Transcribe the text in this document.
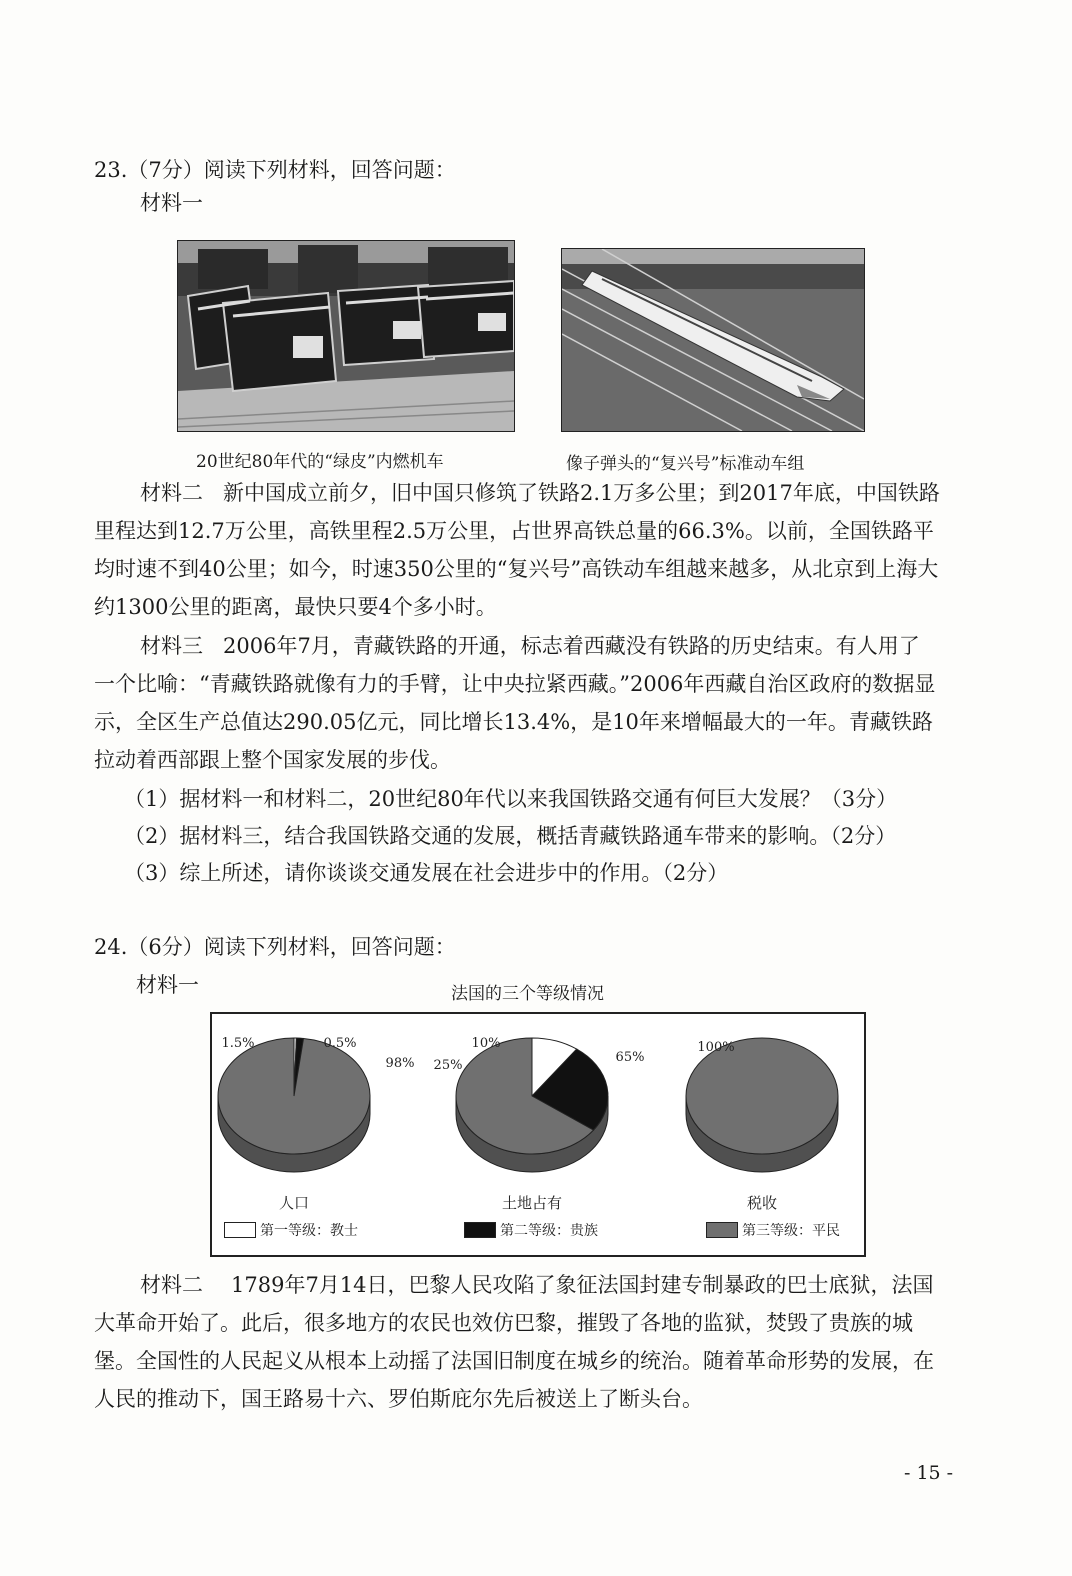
23.（7分）阅读下列材料，回答问题：
材料一
20世纪80年代的“绿皮”内燃机车	像子弹头的“复兴号”标准动车组

材料二 新中国成立前夕，旧中国只修筑了铁路2.1万多公里；到2017年底，中国铁路里程达到12.7万公里，高铁里程2.5万公里，占世界高铁总量的66.3%。以前，全国铁路平均时速不到40公里；如今，时速350公里的“复兴号”高铁动车组越来越多，从北京到上海大约1300公里的距离，最快只要4个多小时。

材料三 2006年7月，青藏铁路的开通，标志着西藏没有铁路的历史结束。有人用了一个比喻：“青藏铁路就像有力的手臂，让中央拉紧西藏。”2006年西藏自治区政府的数据显示，全区生产总值达290.05亿元，同比增长13.4%，是10年来增幅最大的一年。青藏铁路拉动着西部跟上整个国家发展的步伐。

（1）据材料一和材料二，20世纪80年代以来我国铁路交通有何巨大发展？（3分）
（2）据材料三，结合我国铁路交通的发展，概括青藏铁路通车带来的影响。（2分）
（3）综上所述，请你谈谈交通发展在社会进步中的作用。（2分）
24.（6分）阅读下列材料，回答问题：
材料一	法国的三个等级情况
0.5%
1.5%
98%
人口
10%
25%
65%
土地占有
100%
税收
第一等级：教士	第二等级：贵族	第三等级：平民

材料二 1789年7月14日，巴黎人民攻陷了象征法国封建专制暴政的巴士底狱，法国大革命开始了。此后，很多地方的农民也效仿巴黎，摧毁了各地的监狱，焚毁了贵族的城堡。全国性的人民起义从根本上动摇了法国旧制度在城乡的统治。随着革命形势的发展，在人民的推动下，国王路易十六、罗伯斯庇尔先后被送上了断头台。

- 15 -
